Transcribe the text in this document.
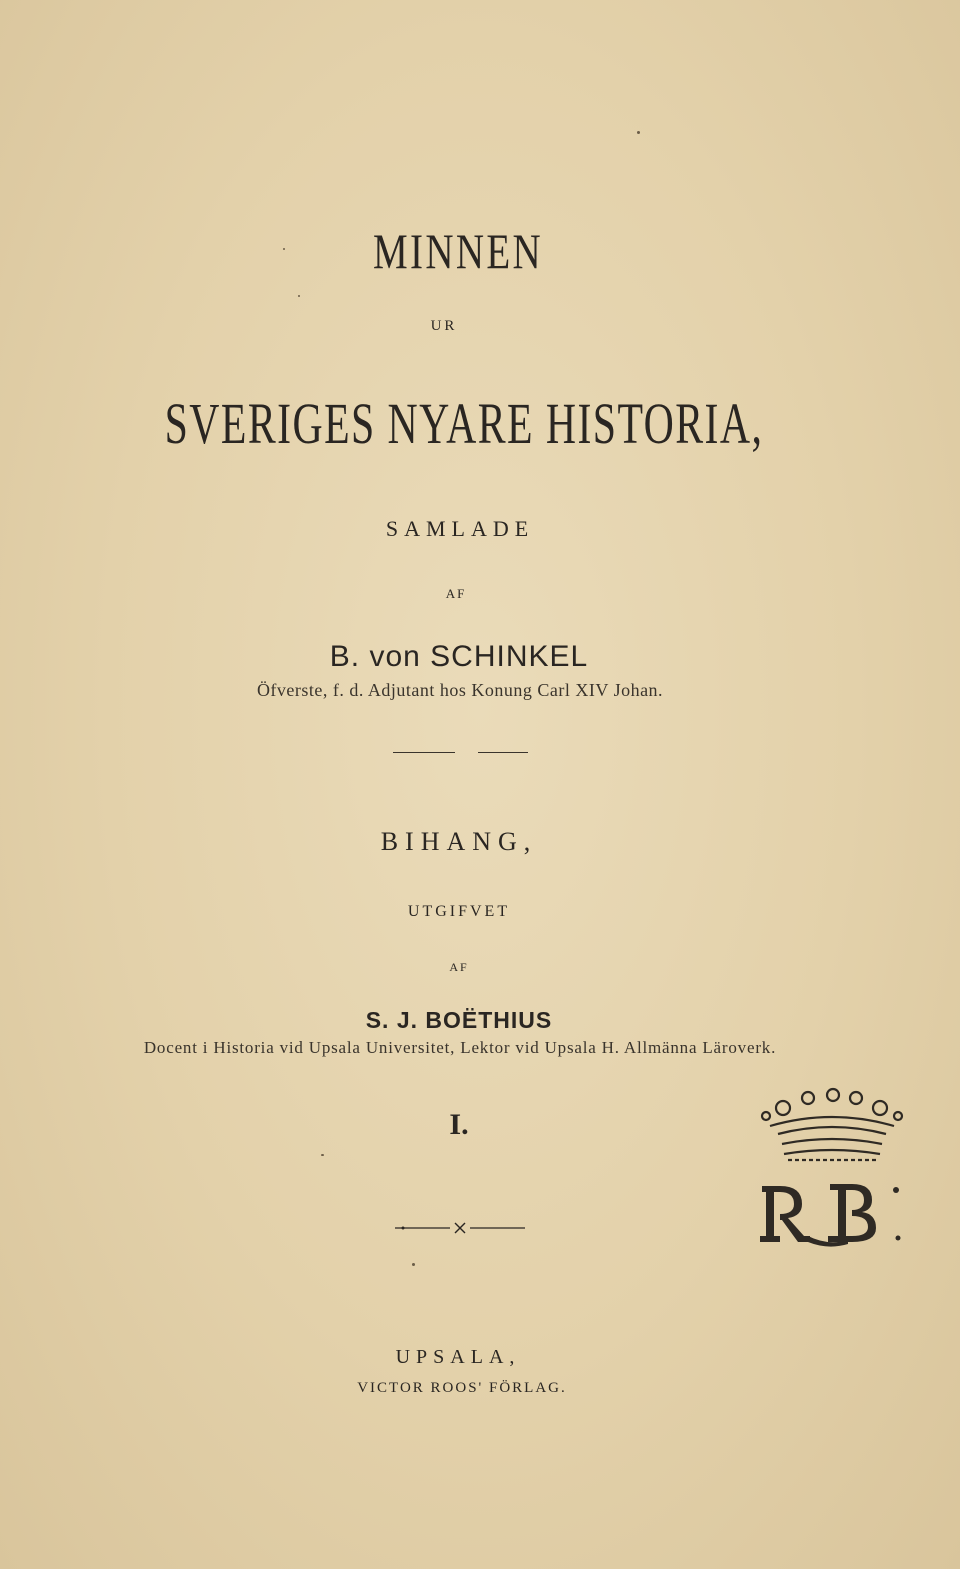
MINNEN
UR
SVERIGES NYARE HISTORIA,
SAMLADE
AF
B. von SCHINKEL
Öfverste, f. d. Adjutant hos Konung Carl XIV Johan.
BIHANG,
UTGIFVET
AF
S. J. BOËTHIUS
Docent i Historia vid Upsala Universitet, Lektor vid Upsala H. Allmänna Läroverk.
I.
UPSALA,
VICTOR ROOS' FÖRLAG.
